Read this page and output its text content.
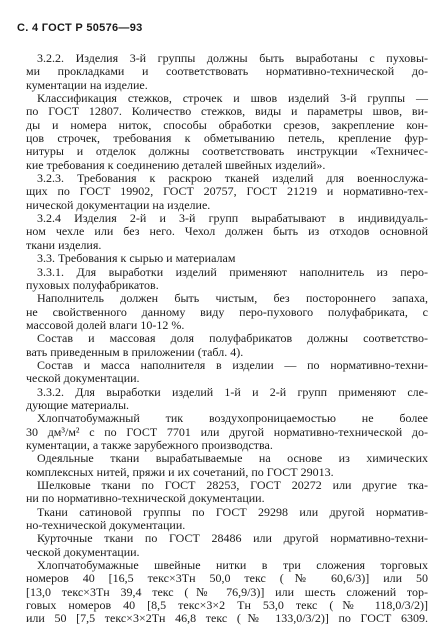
С. 4 ГОСТ Р 50576—93
3.2.2. Изделия 3-й группы должны быть выработаны с пуховы-
ми прокладками и соответствовать нормативно-технической до-
кументации на изделие.
Классификация стежков, строчек и швов изделий 3-й группы —
по ГОСТ 12807. Количество стежков, виды и параметры швов, ви-
ды и номера ниток, способы обработки срезов, закрепление кон-
цов строчек, требования к обметыванию петель, крепление фур-
нитуры и отделок должны соответствовать инструкции «Техничес-
кие требования к соединению деталей швейных изделий».
3.2.3. Требования к раскрою тканей изделий для военнослужа-
щих по ГОСТ 19902, ГОСТ 20757, ГОСТ 21219 и нормативно-тех-
нической документации на изделие.
3.2.4 Изделия 2-й и 3-й групп вырабатывают в индивидуаль-
ном чехле или без него. Чехол должен быть из отходов основной
ткани изделия.
3.3. Требования к сырью и материалам
3.3.1. Для выработки изделий применяют наполнитель из перо-
пуховых полуфабрикатов.
Наполнитель должен быть чистым, без постороннего запаха,
не свойственного данному виду перо-пухового полуфабриката, с
массовой долей влаги 10-12 %.
Состав и массовая доля полуфабрикатов должны соответство-
вать приведенным в приложении (табл. 4).
Состав и масса наполнителя в изделии — по нормативно-техни-
ческой документации.
3.3.2. Для выработки изделий 1-й и 2-й групп применяют сле-
дующие материалы.
Хлопчатобумажный тик воздухопроницаемостью не более
30 дм³/м² с по ГОСТ 7701 или другой нормативно-технической до-
кументации, а также зарубежного производства.
Одеяльные ткани вырабатываемые на основе из химических
комплексных нитей, пряжи и их сочетаний, по ГОСТ 29013.
Шелковые ткани по ГОСТ 28253, ГОСТ 20272 или другие тка-
ни по нормативно-технической документации.
Ткани сатиновой группы по ГОСТ 29298 или другой норматив-
но-технической документации.
Курточные ткани по ГОСТ 28486 или другой нормативно-техни-
ческой документации.
Хлопчатобумажные швейные нитки в три сложения торговых
номеров 40 [16,5 текс×3Тн 50,0 текс (№ 60,6/3)] или 50
[13,0 текс×3Тн 39,4 текс (№ 76,9/3)] или шесть сложений тор-
говых номеров 40 [8,5 текс×3×2 Тн 53,0 текс (№ 118,0/3/2)]
или 50 [7,5 текс×3×2Тн 46,8 текс (№ 133,0/3/2)] по ГОСТ 6309.
